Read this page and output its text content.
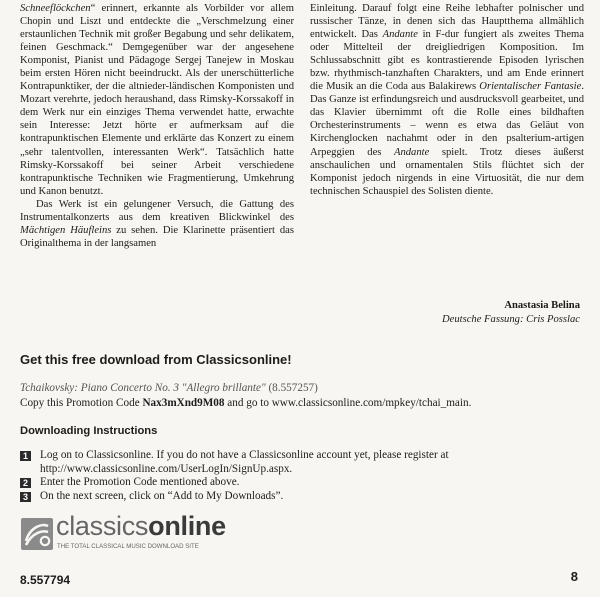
Schneeflöckchen“ erinnert, erkannte als Vorbilder vor allem Chopin und Liszt und entdeckte die „Verschmelzung einer erstaunlichen Technik mit großer Begabung und sehr delikatem, feinen Geschmack.“ Demgegenüber war der angesehene Komponist, Pianist und Pädagoge Sergej Tanejew in Moskau beim ersten Hören nicht beeindruckt. Als der unerschütterliche Kontrapunktiker, der die altnieder-ländischen Komponisten und Mozart verehrte, jedoch heraushand, dass Rimsky-Korssakoff in dem Werk nur ein einziges Thema verwendet hatte, erwachte sein Interesse: Jetzt hörte er aufmerksam auf die kontrapunktischen Elemente und erklärte das Konzert zu einem „sehr talentvollen, interessanten Werk“. Tatsächlich hatte Rimsky-Korssakoff bei seiner Arbeit verschiedene kontrapunktische Techniken wie Fragmentierung, Umkehrung und Kanon benutzt.

Das Werk ist ein gelungener Versuch, die Gattung des Instrumentalkonzerts aus dem kreativen Blickwinkel des Mächtigen Häufleins zu sehen. Die Klarinette präsentiert das Originalthema in der langsamen

Einleitung. Darauf folgt eine Reihe lebhafter polnischer und russischer Tänze, in denen sich das Hauptthema allmählich entwickelt. Das Andante in F-dur fungiert als zweites Thema oder Mittelteil der dreigliedrigen Komposition. Im Schlussabschnitt gibt es kontrastierende Episoden lyrischen bzw. rhythmisch-tanzhaften Charakters, und am Ende erinnert die Musik an die Coda aus Balakirews Orientalischer Fantasie. Das Ganze ist erfindungsreich und ausdrucksvoll gearbeitet, und das Klavier übernimmt oft die Rolle eines bildhaften Orchesterinstruments – wenn es etwa das Geläut von Kirchenglocken nachahmt oder in den psalterium-artigen Arpeggien des Andante spielt. Trotz dieses äußerst anschaulichen und ornamentalen Stils flüchtet sich der Komponist jedoch nirgends in eine Virtuosität, die nur dem technischen Schauspiel des Solisten diente.

Anastasia Belina
Deutsche Fassung: Cris Posslac
Get this free download from Classicsonline!
Tchaikovsky: Piano Concerto No. 3 "Allegro brillante" (8.557257)
Copy this Promotion Code Nax3mXnd9M08 and go to www.classicsonline.com/mpkey/tchai_main.
Downloading Instructions
1 Log on to Classicsonline. If you do not have a Classicsonline account yet, please register at
http://www.classicsonline.com/UserLogIn/SignUp.aspx.
2 Enter the Promotion Code mentioned above.
3 On the next screen, click on “Add to My Downloads”.
classicsonline
THE TOTAL CLASSICAL MUSIC DOWNLOAD SITE
8.557794	8
